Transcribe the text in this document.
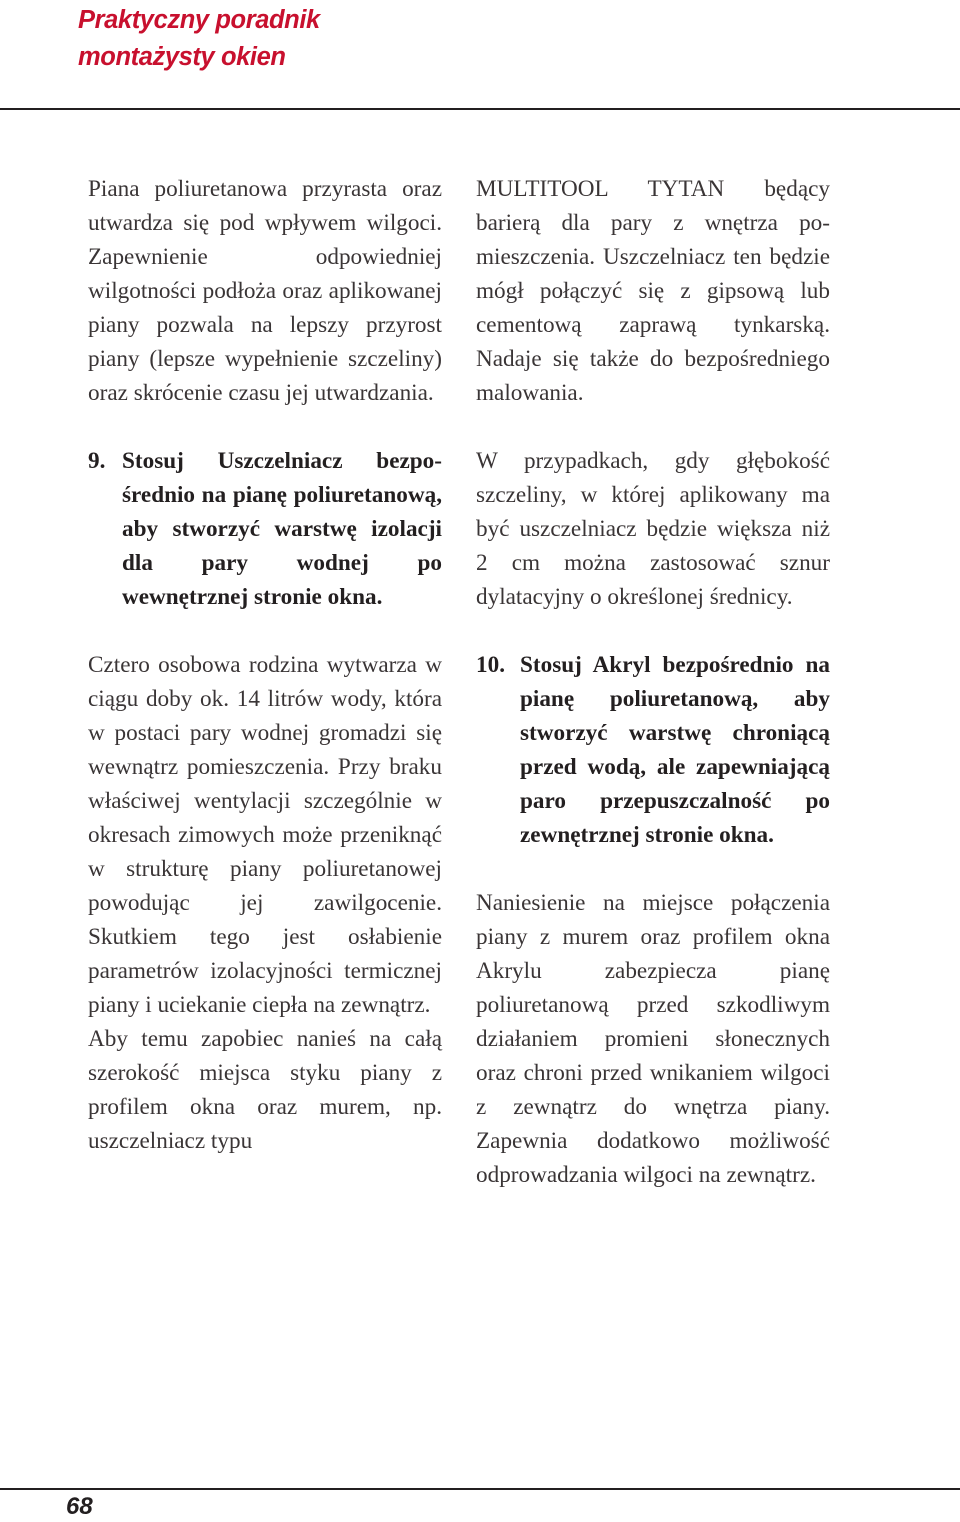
Praktyczny poradnik
montażysty okien

Piana poliuretanowa przyrasta oraz utwardza się pod wpływem wilgoci. Zapewnienie odpowiedniej wilgotności podłoża oraz aplikowanej piany pozwala na lepszy przyrost piany (lepsze wypełnienie szczeliny) oraz skrócenie czasu jej utwardzania.

9. Stosuj Uszczelniacz bezpośrednio na pianę poliuretanową, aby stworzyć warstwę izolacji dla pary wodnej po wewnętrznej stronie okna.

Cztero osobowa rodzina wytwarza w ciągu doby ok. 14 litrów wody, która w postaci pary wodnej gromadzi się wewnątrz pomieszczenia. Przy braku właściwej wentylacji szczególnie w okresach zimowych może przeniknąć w strukturę piany poliuretanowej powodując jej zawilgocenie. Skutkiem tego jest osłabienie parametrów izolacyjności termicznej piany i uciekanie ciepła na zewnątrz.

Aby temu zapobiec nanieś na całą szerokość miejsca styku piany z profilem okna oraz murem, np. uszczelniacz typu

MULTITOOL TYTAN będący barierą dla pary z wnętrza pomieszczenia. Uszczelniacz ten będzie mógł połączyć się z gipsową lub cementową zaprawą tynkarską. Nadaje się także do bezpośredniego malowania.

W przypadkach, gdy głębokość szczeliny, w której aplikowany ma być uszczelniacz będzie większa niż 2 cm można zastosować sznur dylatacyjny o określonej średnicy.

10. Stosuj Akryl bezpośrednio na pianę poliuretanową, aby stworzyć warstwę chroniącą przed wodą, ale zapewniającą paro przepuszczalność po zewnętrznej stronie okna.

Naniesienie na miejsce połączenia piany z murem oraz profilem okna Akrylu zabezpiecza pianę poliuretanową przed szkodliwym działaniem promieni słonecznych oraz chroni przed wnikaniem wilgoci z zewnątrz do wnętrza piany. Zapewnia dodatkowo możliwość odprowadzania wilgoci na zewnątrz.

68
